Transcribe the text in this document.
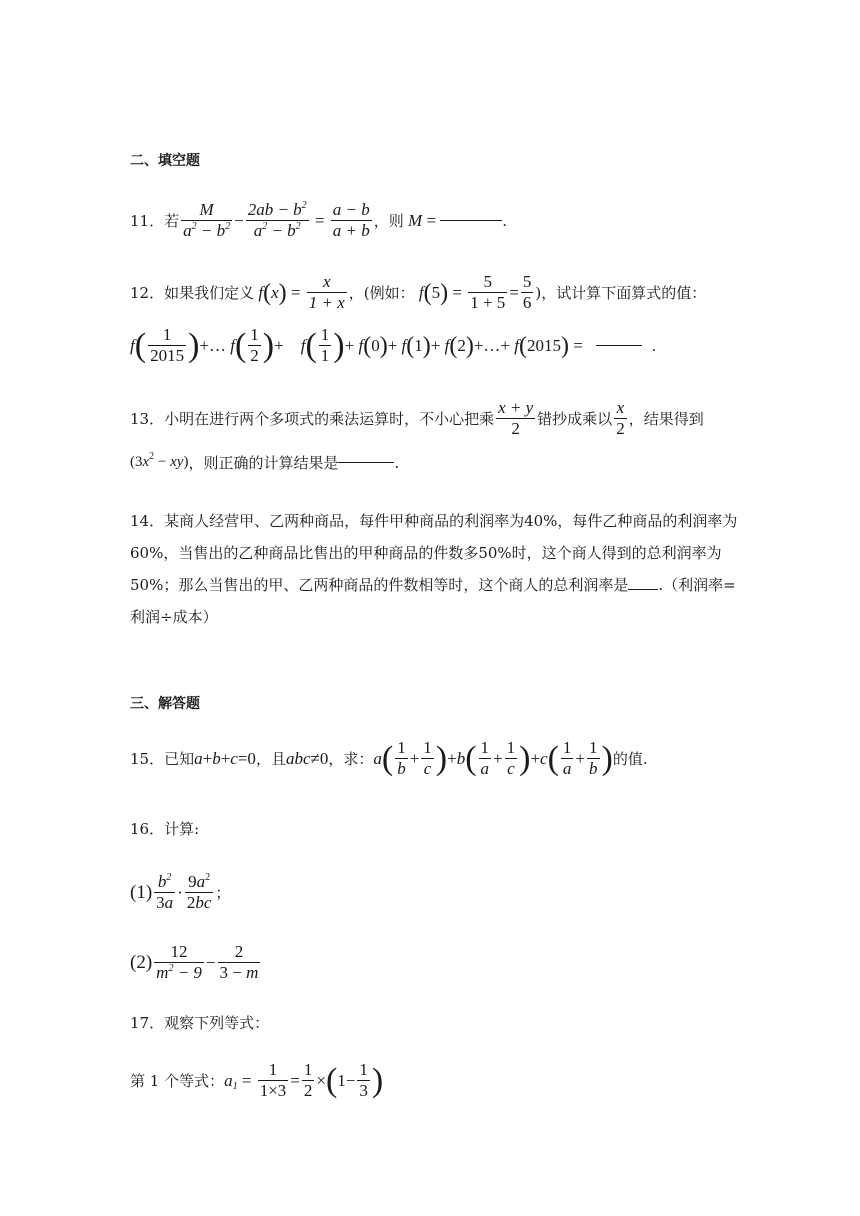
二、填空题
11． 若 $\frac{M}{a^2 - b^2} - \frac{2ab - b^2}{a^2 - b^2} = \frac{a - b}{a + b}$ ，则 M =	.
12． 如果我们定义 f ( x ) = $\frac{x}{1 + x}$ ，(例如： f ( 5 ) = $\frac{5}{1 + 5} = \frac{5}{6}$ )，试计算下面算式的值：
f ( $\frac{1}{2015}$ ) +… f ( $\frac{1}{2}$ ) + f ( $\frac{1}{1}$ ) + f ( 0 ) + f ( 1 ) + f ( 2 ) +…+ f ( 2015 ) =	.
13． 小明在进行两个多项式的乘法运算时，不小心把乘 $\frac{x + y}{2}$ 错抄成乘以 $\frac{x}{2}$ ，结果得到
$(3x^2 - xy)$ ，则正确的计算结果是	.
14．某商人经营甲、乙两种商品，每件甲种商品的利润率为40%，每件乙种商品的利润率为60%，当售出的乙种商品比售出的甲种商品的件数多50%时，这个商人得到的总利润率为50%；那么当售出的甲、乙两种商品的件数相等时，这个商人的总利润率是 .（利润率=利润÷成本）
三、解答题
15． 已知 a + b + c =0 ，且 abc ≠0 ，求： a ( $\frac{1}{b} + \frac{1}{c}$ ) + b ( $\frac{1}{a} + \frac{1}{c}$ ) + c ( $\frac{1}{a} + \frac{1}{b}$ ) 的值.
16．计算:
$(1) \frac{b^2}{3a} \cdot \frac{9a^2}{2bc}$ ；
$(2) \frac{12}{m^2 - 9} - \frac{2}{3 - m}$
17．观察下列等式：
第 1 个等式： $a_1 = \frac{1}{1\times 3} = \frac{1}{2}$ × ( $1- \frac{1}{3}$ )
